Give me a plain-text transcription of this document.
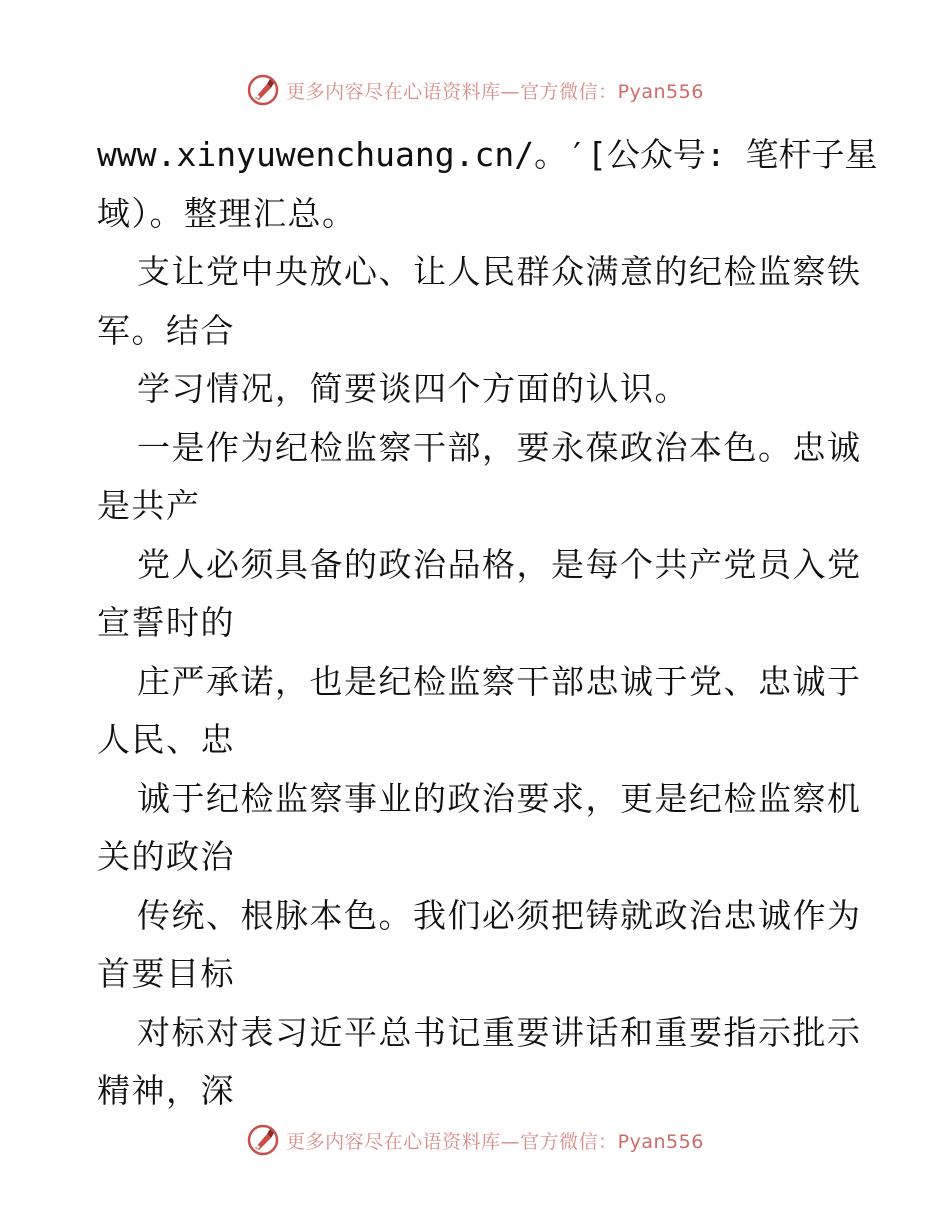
更多内容尽在心语资料库—官方微信：Pyan556
www.xinyuwenchuang.cn/。′[公众号: 笔杆子星
域）。整理汇总。
支让党中央放心、让人民群众满意的纪检监察铁
军。结合
学习情况，简要谈四个方面的认识。
一是作为纪检监察干部，要永葆政治本色。忠诚
是共产
党人必须具备的政治品格，是每个共产党员入党
宣誓时的
庄严承诺，也是纪检监察干部忠诚于党、忠诚于
人民、忠
诚于纪检监察事业的政治要求，更是纪检监察机
关的政治
传统、根脉本色。我们必须把铸就政治忠诚作为
首要目标
对标对表习近平总书记重要讲话和重要指示批示
精神，深
更多内容尽在心语资料库—官方微信：Pyan556
